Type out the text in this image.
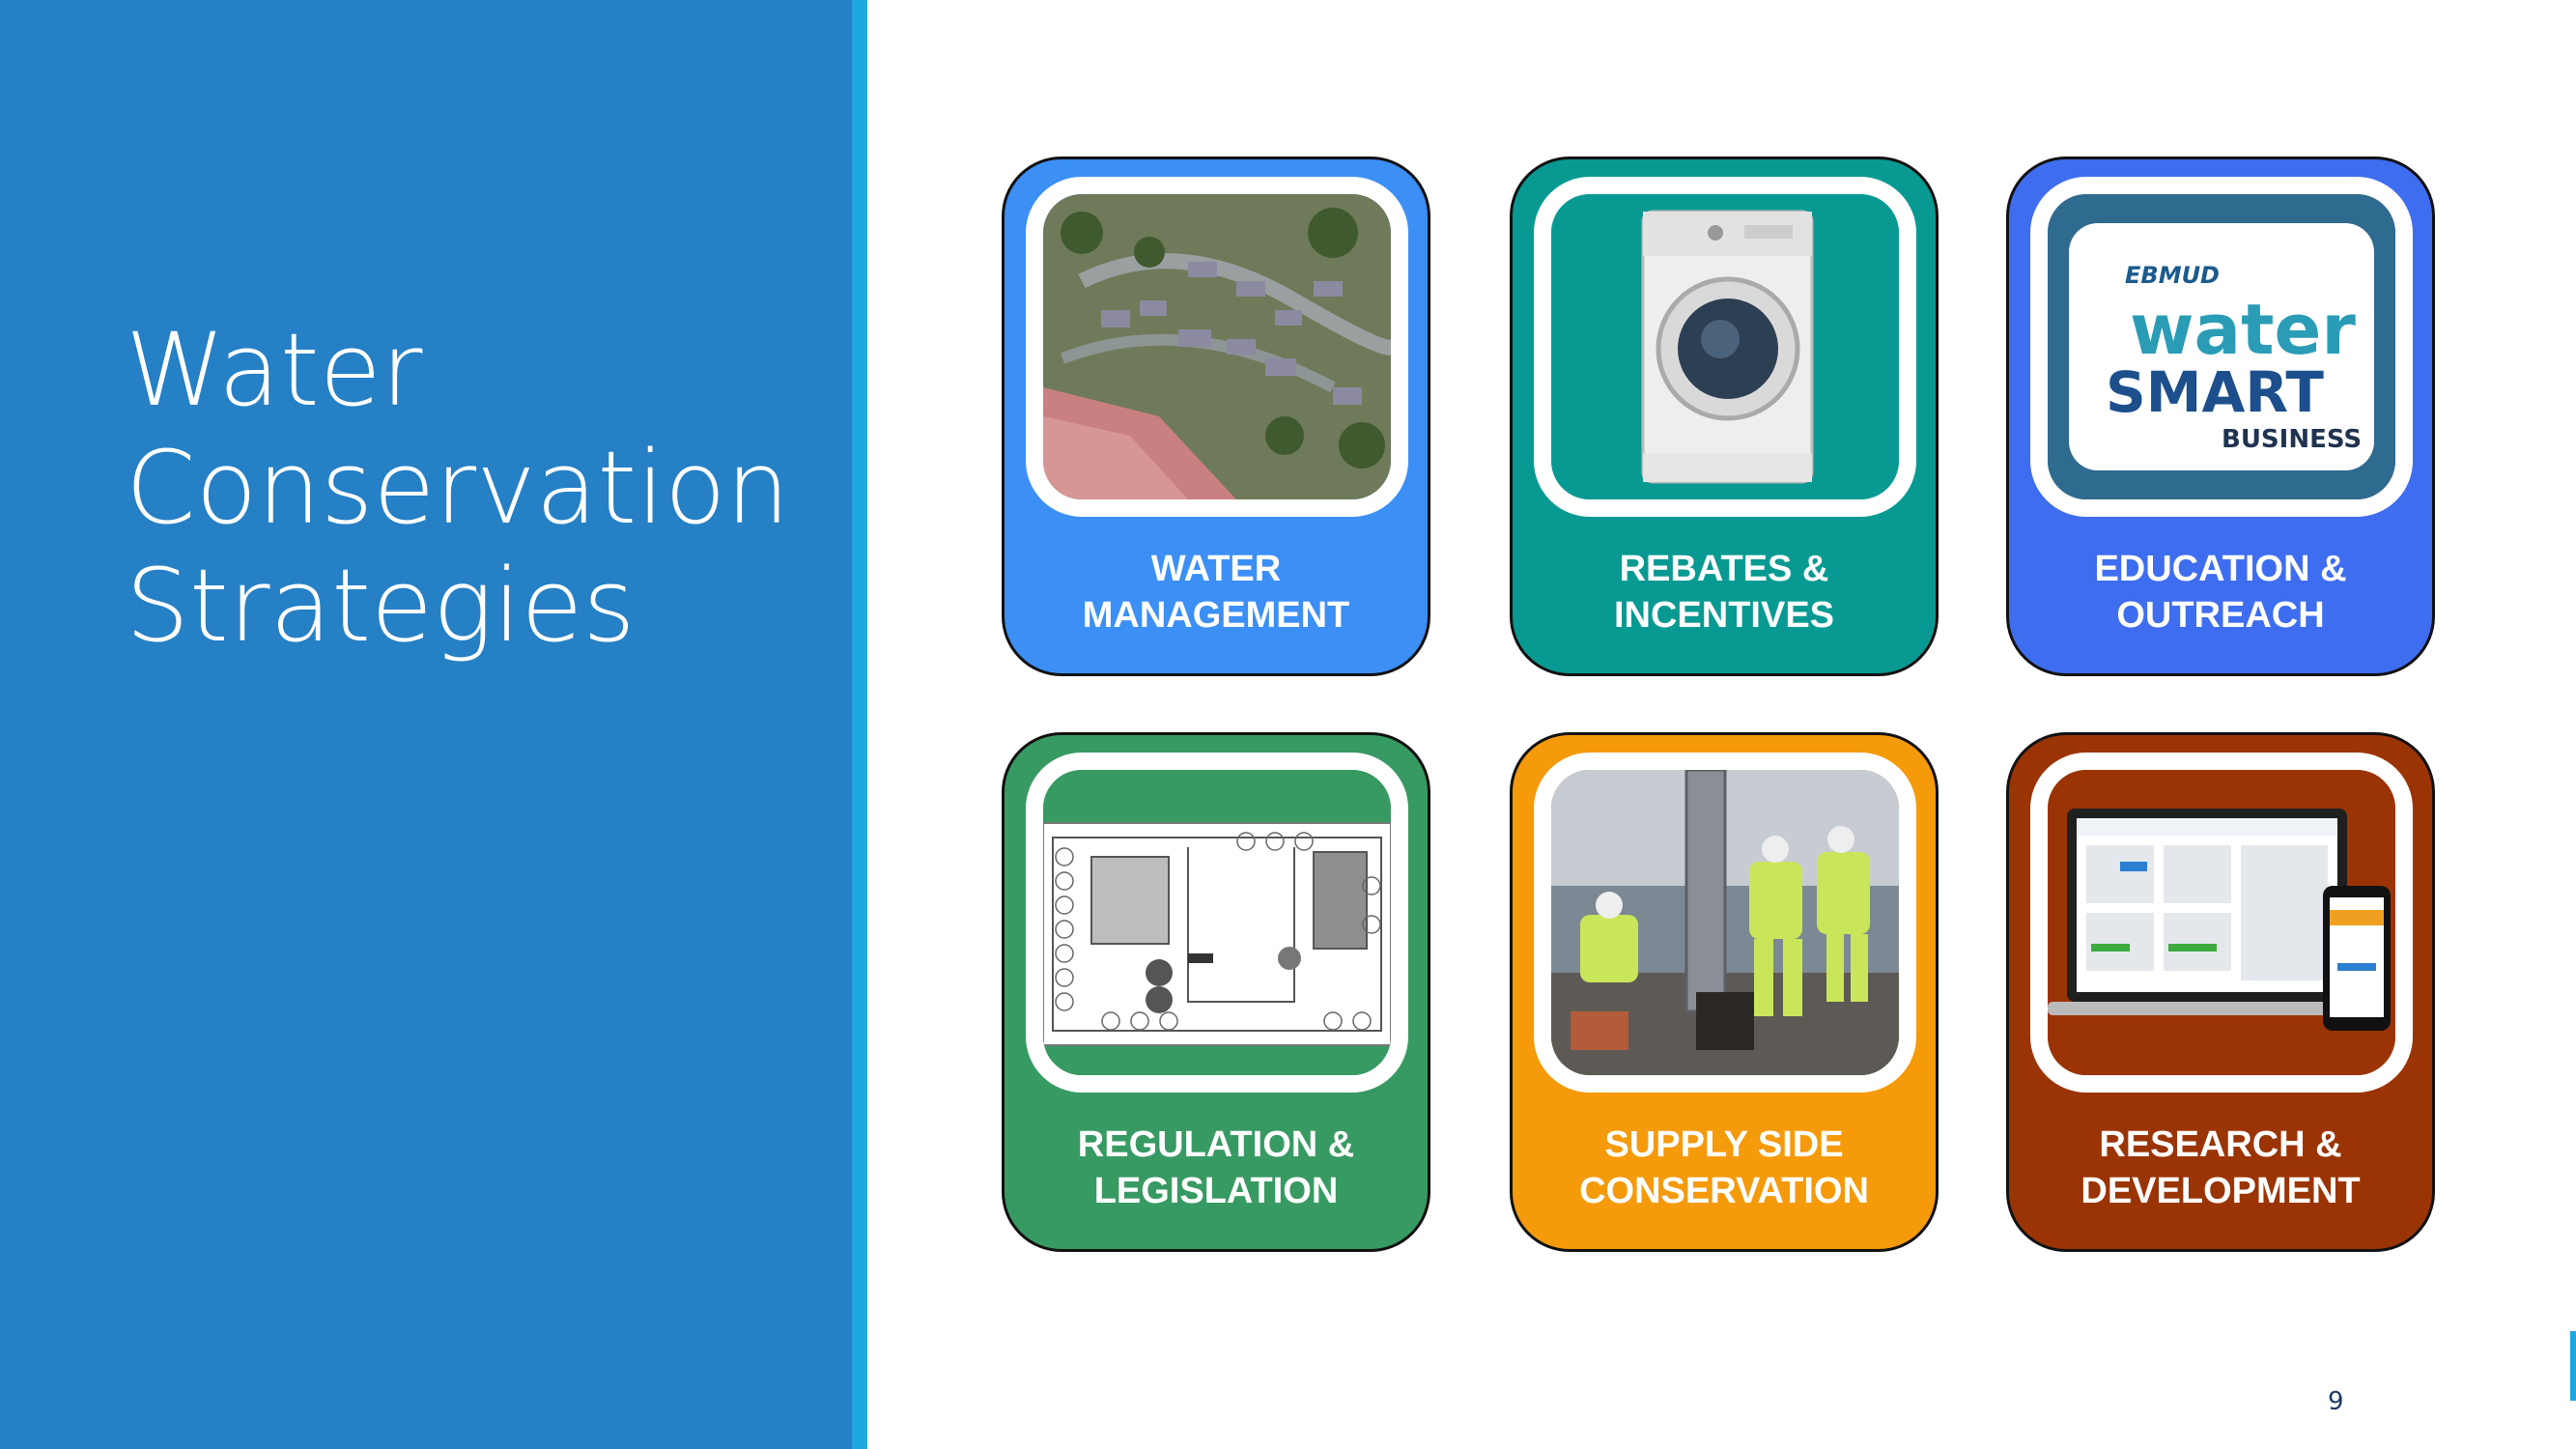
Water
Conservation
Strategies	WATER
MANAGEMENT
REBATES &
INCENTIVES
EBMUD
water
SMART
BUSINESS
EDUCATION &
OUTREACH
REGULATION &
LEGISLATION
SUPPLY SIDE
CONSERVATION
RESEARCH &
DEVELOPMENT
9
